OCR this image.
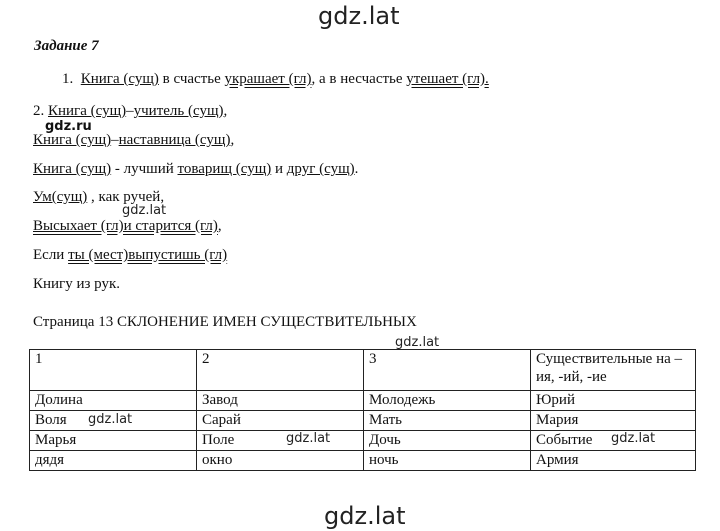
gdz.lat
Задание 7
1. Книга (сущ) в счастье украшает (гл), а в несчастье утешает (гл).
2. Книга (сущ)–учитель (сущ),
gdz.ru
Книга (сущ)–наставница (сущ),
Книга (сущ) - лучший товарищ (сущ) и друг (сущ).
Ум(сущ) , как ручей,
gdz.lat
Высыхает (гл)и старится (гл),
Если ты (мест)выпустишь (гл)
Книгу из рук.
Страница 13 СКЛОНЕНИЕ ИМЕН СУЩЕСТВИТЕЛЬНЫХ
gdz.lat
1	2	3	Существительные на –ия, -ий, -ие
Долина	Завод	Молодежь	Юрий
Воля	Сарай	Мать	Мария
Марья	Поле	Дочь	Событие
дядя	окно	ночь	Армия
gdz.lat
gdz.lat	gdz.lat
gdz.lat
